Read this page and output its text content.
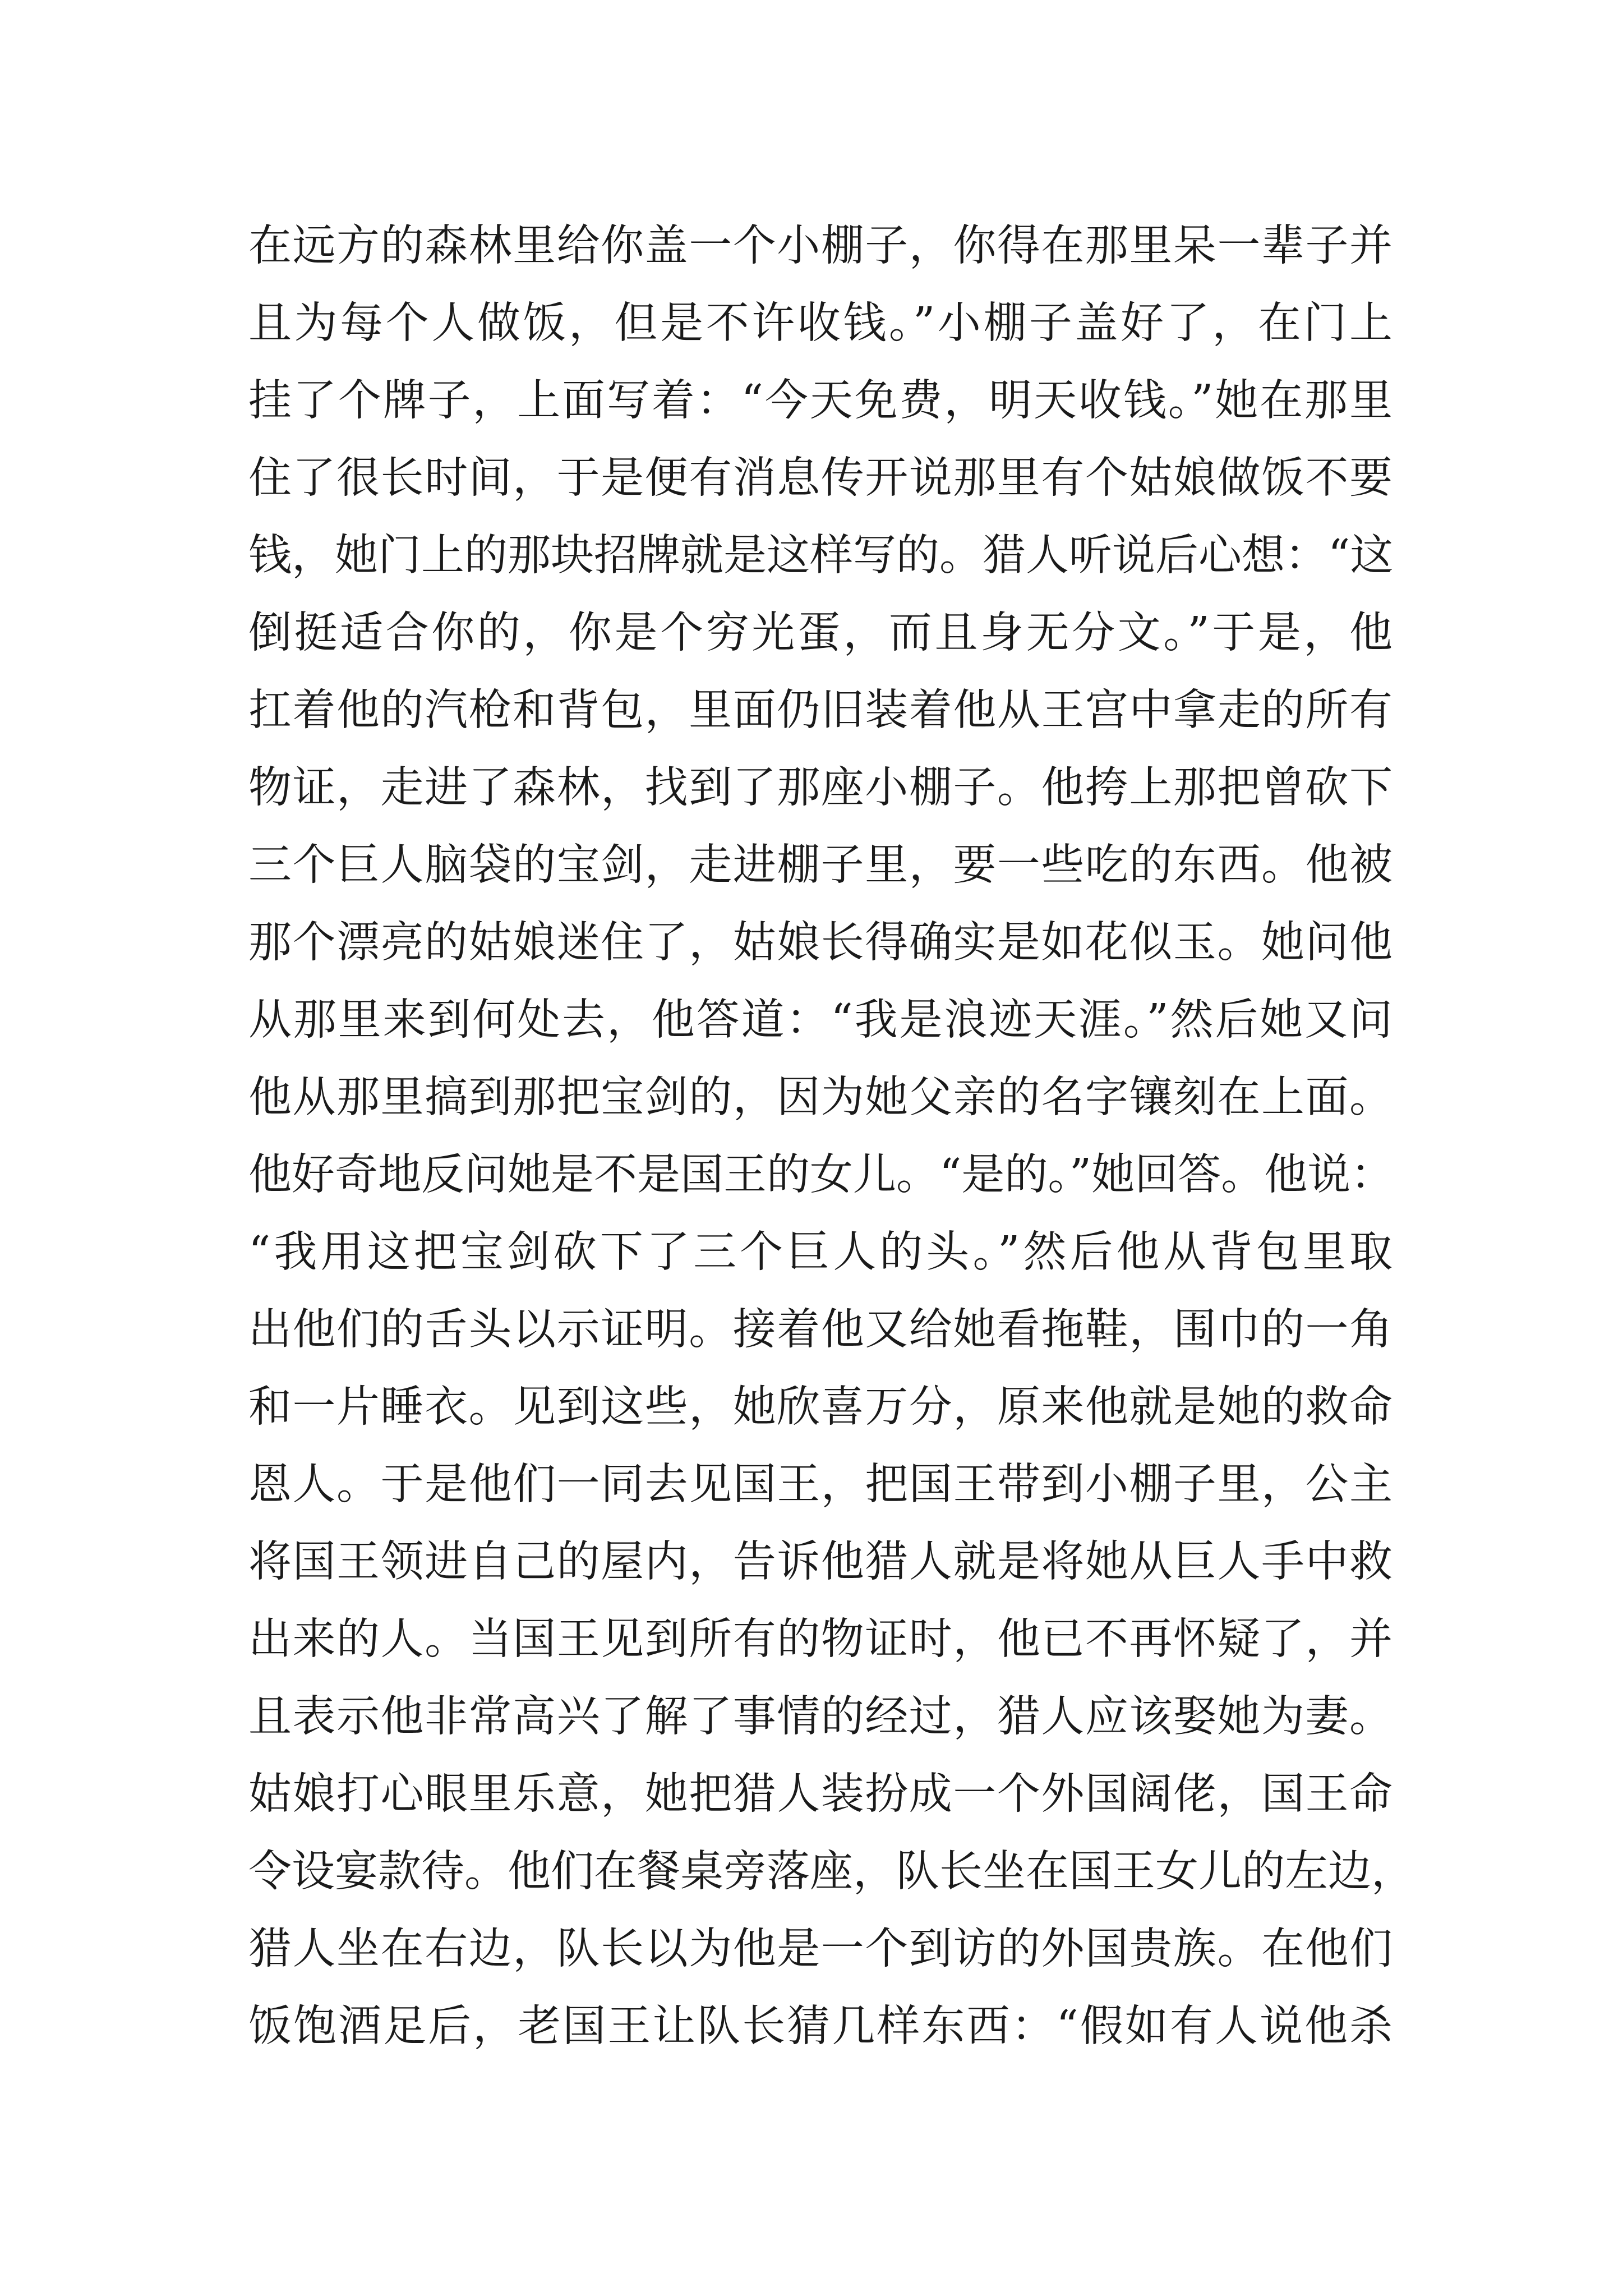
在远方的森林里给你盖一个小棚子，你得在那里呆一辈子并
且为每个人做饭，但是不许收钱。”小棚子盖好了，在门上
挂了个牌子，上面写着：“今天免费，明天收钱。”她在那里
住了很长时间，于是便有消息传开说那里有个姑娘做饭不要
钱，她门上的那块招牌就是这样写的。猎人听说后心想：“这
倒挺适合你的，你是个穷光蛋，而且身无分文。”于是，他
扛着他的汽枪和背包，里面仍旧装着他从王宫中拿走的所有
物证，走进了森林，找到了那座小棚子。他挎上那把曾砍下
三个巨人脑袋的宝剑，走进棚子里，要一些吃的东西。他被
那个漂亮的姑娘迷住了，姑娘长得确实是如花似玉。她问他
从那里来到何处去，他答道：“我是浪迹天涯。”然后她又问
他从那里搞到那把宝剑的，因为她父亲的名字镶刻在上面。
他好奇地反问她是不是国王的女儿。“是的。”她回答。他说：
“我用这把宝剑砍下了三个巨人的头。”然后他从背包里取
出他们的舌头以示证明。接着他又给她看拖鞋，围巾的一角
和一片睡衣。见到这些，她欣喜万分，原来他就是她的救命
恩人。于是他们一同去见国王，把国王带到小棚子里，公主
将国王领进自己的屋内，告诉他猎人就是将她从巨人手中救
出来的人。当国王见到所有的物证时，他已不再怀疑了，并
且表示他非常高兴了解了事情的经过，猎人应该娶她为妻。
姑娘打心眼里乐意，她把猎人装扮成一个外国阔佬，国王命
令设宴款待。他们在餐桌旁落座，队长坐在国王女儿的左边，
猎人坐在右边，队长以为他是一个到访的外国贵族。在他们
饭饱酒足后，老国王让队长猜几样东西：“假如有人说他杀
